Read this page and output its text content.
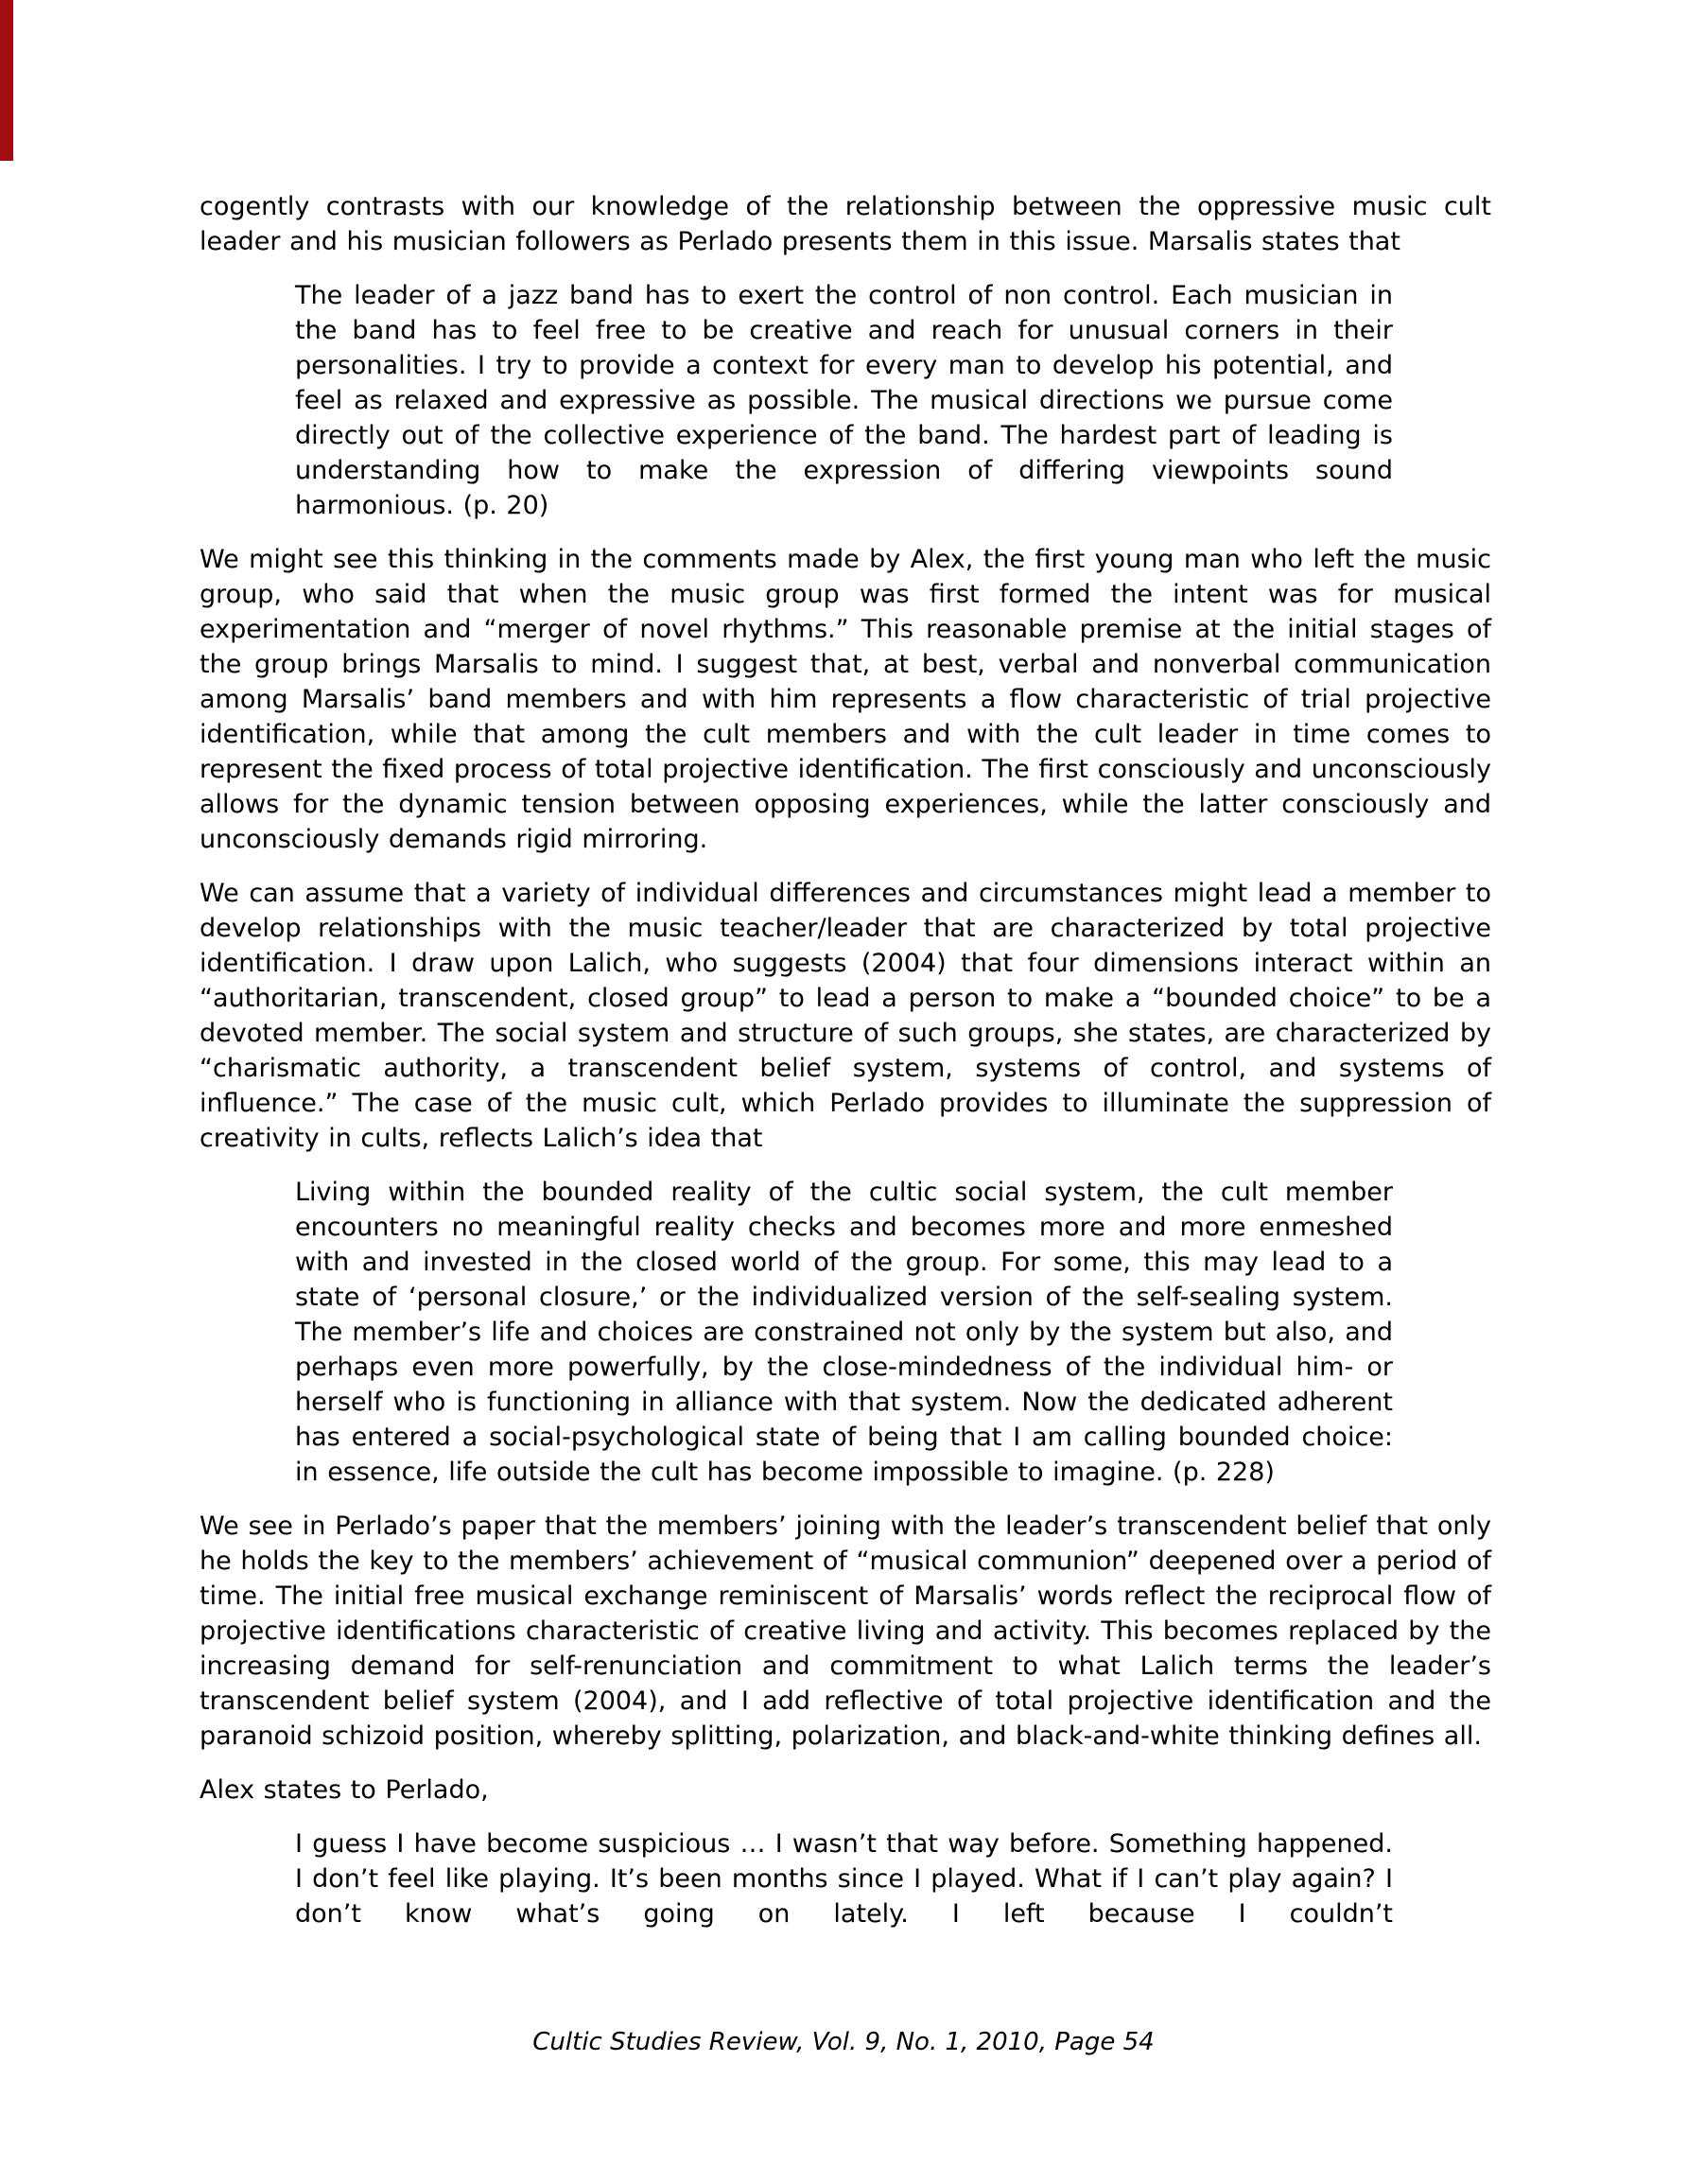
cogently contrasts with our knowledge of the relationship between the oppressive music cult leader and his musician followers as Perlado presents them in this issue. Marsalis states that

The leader of a jazz band has to exert the control of non control. Each musician in the band has to feel free to be creative and reach for unusual corners in their personalities. I try to provide a context for every man to develop his potential, and feel as relaxed and expressive as possible. The musical directions we pursue come directly out of the collective experience of the band. The hardest part of leading is understanding how to make the expression of differing viewpoints sound harmonious. (p. 20)

We might see this thinking in the comments made by Alex, the first young man who left the music group, who said that when the music group was first formed the intent was for musical experimentation and “merger of novel rhythms.” This reasonable premise at the initial stages of the group brings Marsalis to mind. I suggest that, at best, verbal and nonverbal communication among Marsalis’ band members and with him represents a flow characteristic of trial projective identification, while that among the cult members and with the cult leader in time comes to represent the fixed process of total projective identification. The first consciously and unconsciously allows for the dynamic tension between opposing experiences, while the latter consciously and unconsciously demands rigid mirroring.

We can assume that a variety of individual differences and circumstances might lead a member to develop relationships with the music teacher/leader that are characterized by total projective identification. I draw upon Lalich, who suggests (2004) that four dimensions interact within an “authoritarian, transcendent, closed group” to lead a person to make a “bounded choice” to be a devoted member. The social system and structure of such groups, she states, are characterized by “charismatic authority, a transcendent belief system, systems of control, and systems of influence.” The case of the music cult, which Perlado provides to illuminate the suppression of creativity in cults, reflects Lalich’s idea that

Living within the bounded reality of the cultic social system, the cult member encounters no meaningful reality checks and becomes more and more enmeshed with and invested in the closed world of the group. For some, this may lead to a state of ‘personal closure,’ or the individualized version of the self-sealing system. The member’s life and choices are constrained not only by the system but also, and perhaps even more powerfully, by the close-mindedness of the individual him- or herself who is functioning in alliance with that system. Now the dedicated adherent has entered a social-psychological state of being that I am calling bounded choice: in essence, life outside the cult has become impossible to imagine. (p. 228)

We see in Perlado’s paper that the members’ joining with the leader’s transcendent belief that only he holds the key to the members’ achievement of “musical communion” deepened over a period of time. The initial free musical exchange reminiscent of Marsalis’ words reflect the reciprocal flow of projective identifications characteristic of creative living and activity. This becomes replaced by the increasing demand for self-renunciation and commitment to what Lalich terms the leader’s transcendent belief system (2004), and I add reflective of total projective identification and the paranoid schizoid position, whereby splitting, polarization, and black-and-white thinking defines all.

Alex states to Perlado,

I guess I have become suspicious … I wasn’t that way before. Something happened. I don’t feel like playing. It’s been months since I played. What if I can’t play again? I don’t know what’s going on lately. I left because I couldn’t
Cultic Studies Review, Vol. 9, No. 1, 2010, Page 54
